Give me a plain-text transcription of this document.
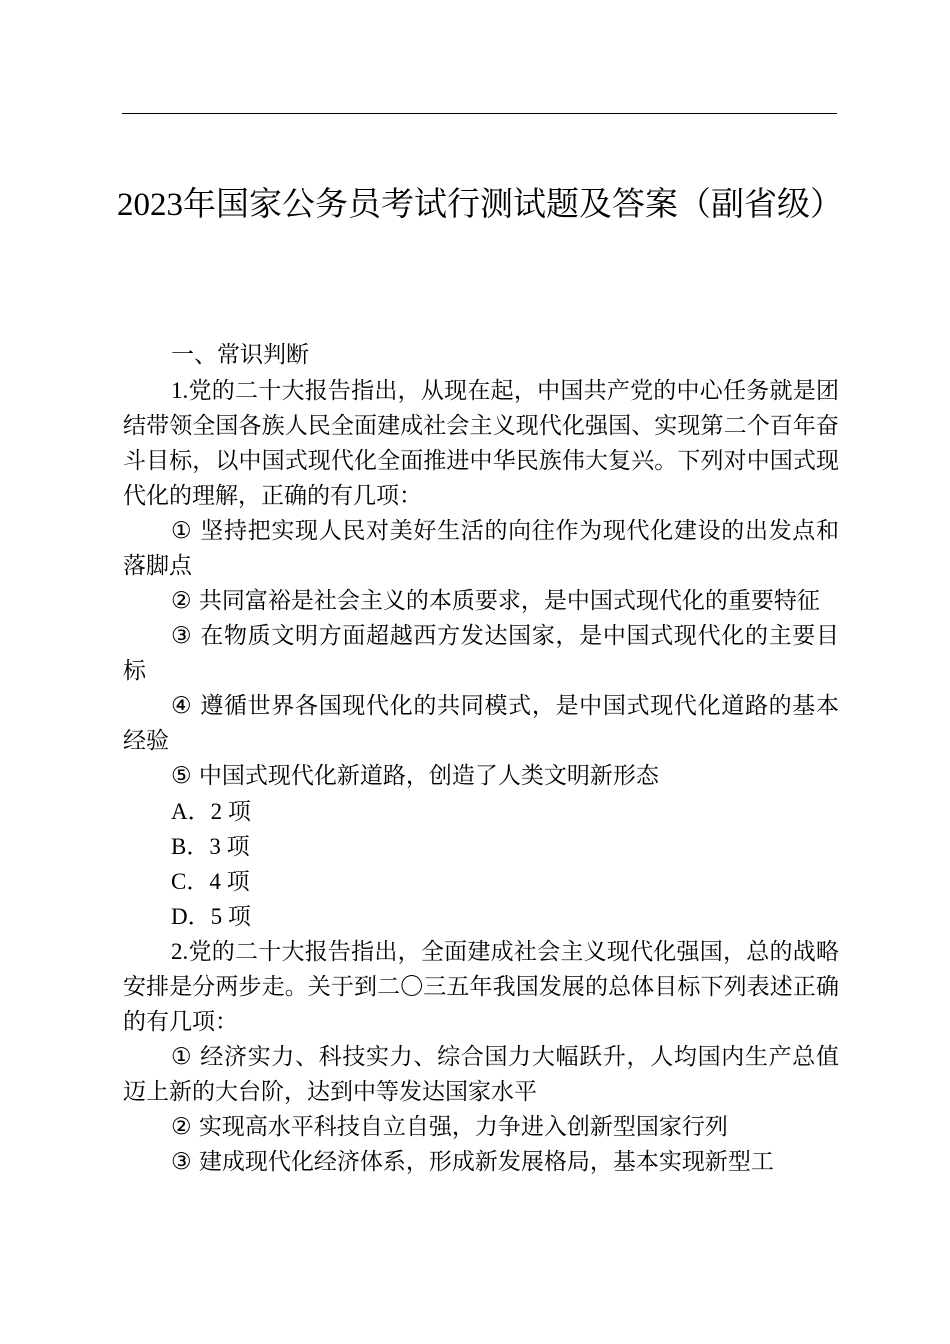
2023年国家公务员考试行测试题及答案（副省级）

一、常识判断

1.党的二十大报告指出，从现在起，中国共产党的中心任务就是团结带领全国各族人民全面建成社会主义现代化强国、实现第二个百年奋斗目标，以中国式现代化全面推进中华民族伟大复兴。下列对中国式现代化的理解，正确的有几项：

① 坚持把实现人民对美好生活的向往作为现代化建设的出发点和落脚点

② 共同富裕是社会主义的本质要求，是中国式现代化的重要特征

③ 在物质文明方面超越西方发达国家，是中国式现代化的主要目标

④ 遵循世界各国现代化的共同模式，是中国式现代化道路的基本经验

⑤ 中国式现代化新道路，创造了人类文明新形态

A．2 项

B．3 项

C．4 项

D．5 项

2.党的二十大报告指出，全面建成社会主义现代化强国，总的战略安排是分两步走。关于到二〇三五年我国发展的总体目标下列表述正确的有几项：

① 经济实力、科技实力、综合国力大幅跃升，人均国内生产总值迈上新的大台阶，达到中等发达国家水平

② 实现高水平科技自立自强，力争进入创新型国家行列

③ 建成现代化经济体系，形成新发展格局，基本实现新型工
